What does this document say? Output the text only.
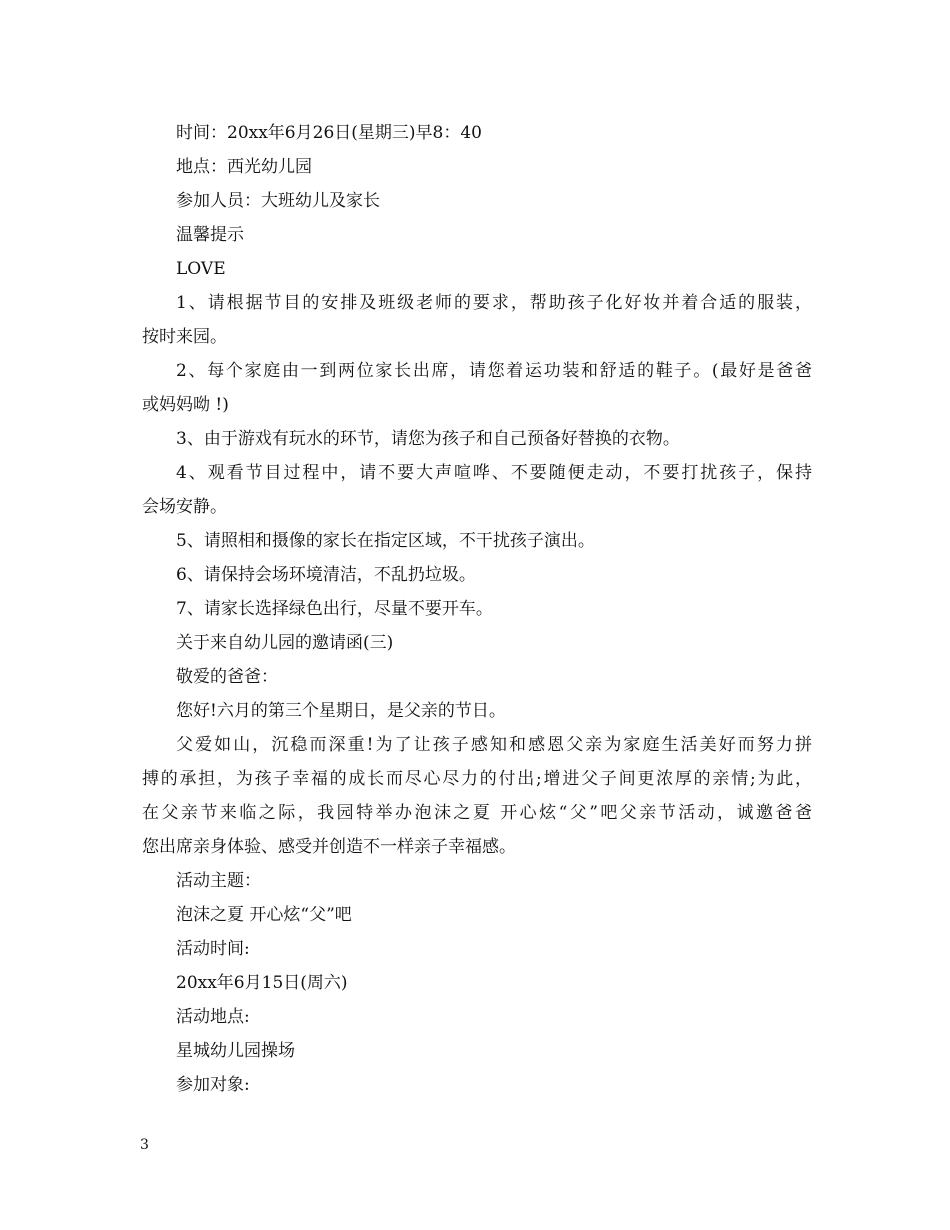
时间：20xx年6月26日(星期三)早8：40
地点：西光幼儿园
参加人员：大班幼儿及家长
温馨提示
LOVE
1、请根据节目的安排及班级老师的要求，帮助孩子化好妆并着合适的服装，
按时来园。
2、每个家庭由一到两位家长出席，请您着运功装和舒适的鞋子。(最好是爸爸
或妈妈呦 !)
3、由于游戏有玩水的环节，请您为孩子和自己预备好替换的衣物。
4、观看节目过程中，请不要大声喧哗、不要随便走动，不要打扰孩子，保持
会场安静。
5、请照相和摄像的家长在指定区域，不干扰孩子演出。
6、请保持会场环境清洁，不乱扔垃圾。
7、请家长选择绿色出行，尽量不要开车。
关于来自幼儿园的邀请函(三)
敬爱的爸爸：
您好!六月的第三个星期日，是父亲的节日。
父爱如山，沉稳而深重!为了让孩子感知和感恩父亲为家庭生活美好而努力拼
搏的承担，为孩子幸福的成长而尽心尽力的付出;增进父子间更浓厚的亲情;为此，
在父亲节来临之际，我园特举办泡沫之夏 开心炫“父”吧父亲节活动，诚邀爸爸
您出席亲身体验、感受并创造不一样亲子幸福感。
活动主题：
泡沫之夏 开心炫“父”吧
活动时间:
20xx年6月15日(周六)
活动地点:
星城幼儿园操场
参加对象:
3
